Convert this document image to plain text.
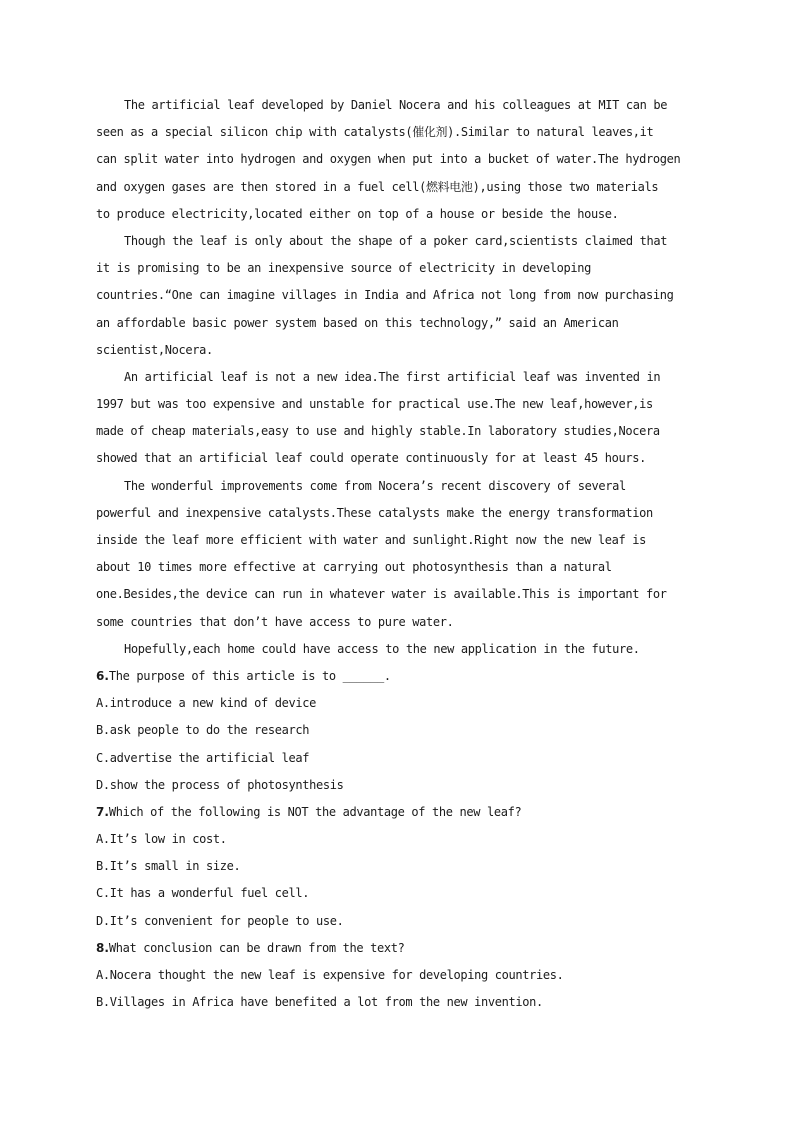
The artificial leaf developed by Daniel Nocera and his colleagues at MIT can be
seen as a special silicon chip with catalysts(催化剂).Similar to natural leaves,it
can split water into hydrogen and oxygen when put into a bucket of water.The hydrogen
and oxygen gases are then stored in a fuel cell(燃料电池),using those two materials
to produce electricity,located either on top of a house or beside the house.
Though the leaf is only about the shape of a poker card,scientists claimed that
it is promising to be an inexpensive source of electricity in developing
countries.“One can imagine villages in India and Africa not long from now purchasing
an affordable basic power system based on this technology,” said an American
scientist,Nocera.
An artificial leaf is not a new idea.The first artificial leaf was invented in
1997 but was too expensive and unstable for practical use.The new leaf,however,is
made of cheap materials,easy to use and highly stable.In laboratory studies,Nocera
showed that an artificial leaf could operate continuously for at least 45 hours.
The wonderful improvements come from Nocera’s recent discovery of several
powerful and inexpensive catalysts.These catalysts make the energy transformation
inside the leaf more efficient with water and sunlight.Right now the new leaf is
about 10 times more effective at carrying out photosynthesis than a natural
one.Besides,the device can run in whatever water is available.This is important for
some countries that don’t have access to pure water.
Hopefully,each home could have access to the new application in the future.
6.The purpose of this article is to ______.
A.introduce a new kind of device
B.ask people to do the research
C.advertise the artificial leaf
D.show the process of photosynthesis
7.Which of the following is NOT the advantage of the new leaf?
A.It’s low in cost.
B.It’s small in size.
C.It has a wonderful fuel cell.
D.It’s convenient for people to use.
8.What conclusion can be drawn from the text?
A.Nocera thought the new leaf is expensive for developing countries.
B.Villages in Africa have benefited a lot from the new invention.
